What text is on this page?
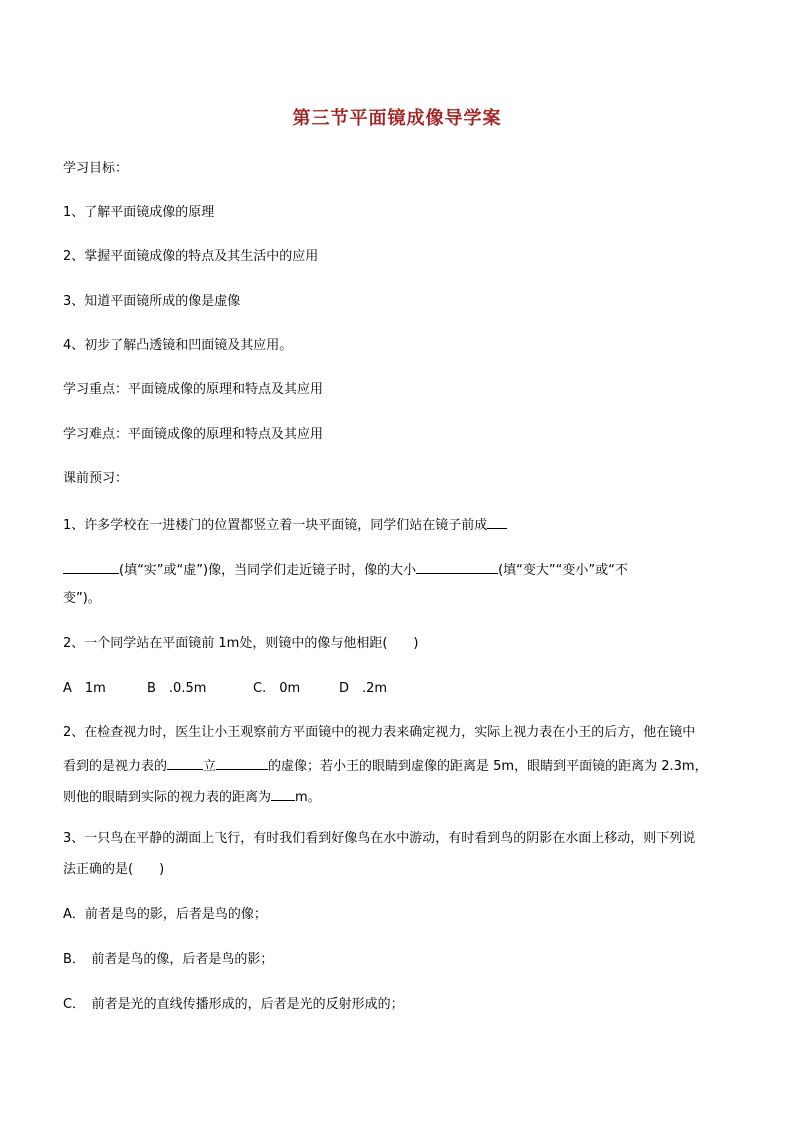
第三节平面镜成像导学案
学习目标：
1、了解平面镜成像的原理
2、掌握平面镜成像的特点及其生活中的应用
3、知道平面镜所成的像是虚像
4、初步了解凸透镜和凹面镜及其应用。
学习重点：平面镜成像的原理和特点及其应用
学习难点：平面镜成像的原理和特点及其应用
课前预习：
1、许多学校在一进楼门的位置都竖立着一块平面镜，同学们站在镜子前成
(填“实”或“虚”)像，当同学们走近镜子时，像的大小	(填“变大”“变小”或“不
变”)。
2、一个同学站在平面镜前 1m处，则镜中的像与他相距(　　)
A　1m	B　.0.5m	C.　0m	D　.2m
2、在检查视力时，医生让小王观察前方平面镜中的视力表来确定视力，实际上视力表在小王的后方，他在镜中
看到的是视力表的	立	的虚像；若小王的眼睛到虚像的距离是 5m，眼睛到平面镜的距离为 2.3m，
则他的眼睛到实际的视力表的距离为 m。
3、一只鸟在平静的湖面上飞行，有时我们看到好像鸟在水中游动，有时看到鸟的阴影在水面上移动，则下列说
法正确的是(　　)
A．前者是鸟的影，后者是鸟的像；
B．　前者是鸟的像，后者是鸟的影；
C．　前者是光的直线传播形成的，后者是光的反射形成的；
